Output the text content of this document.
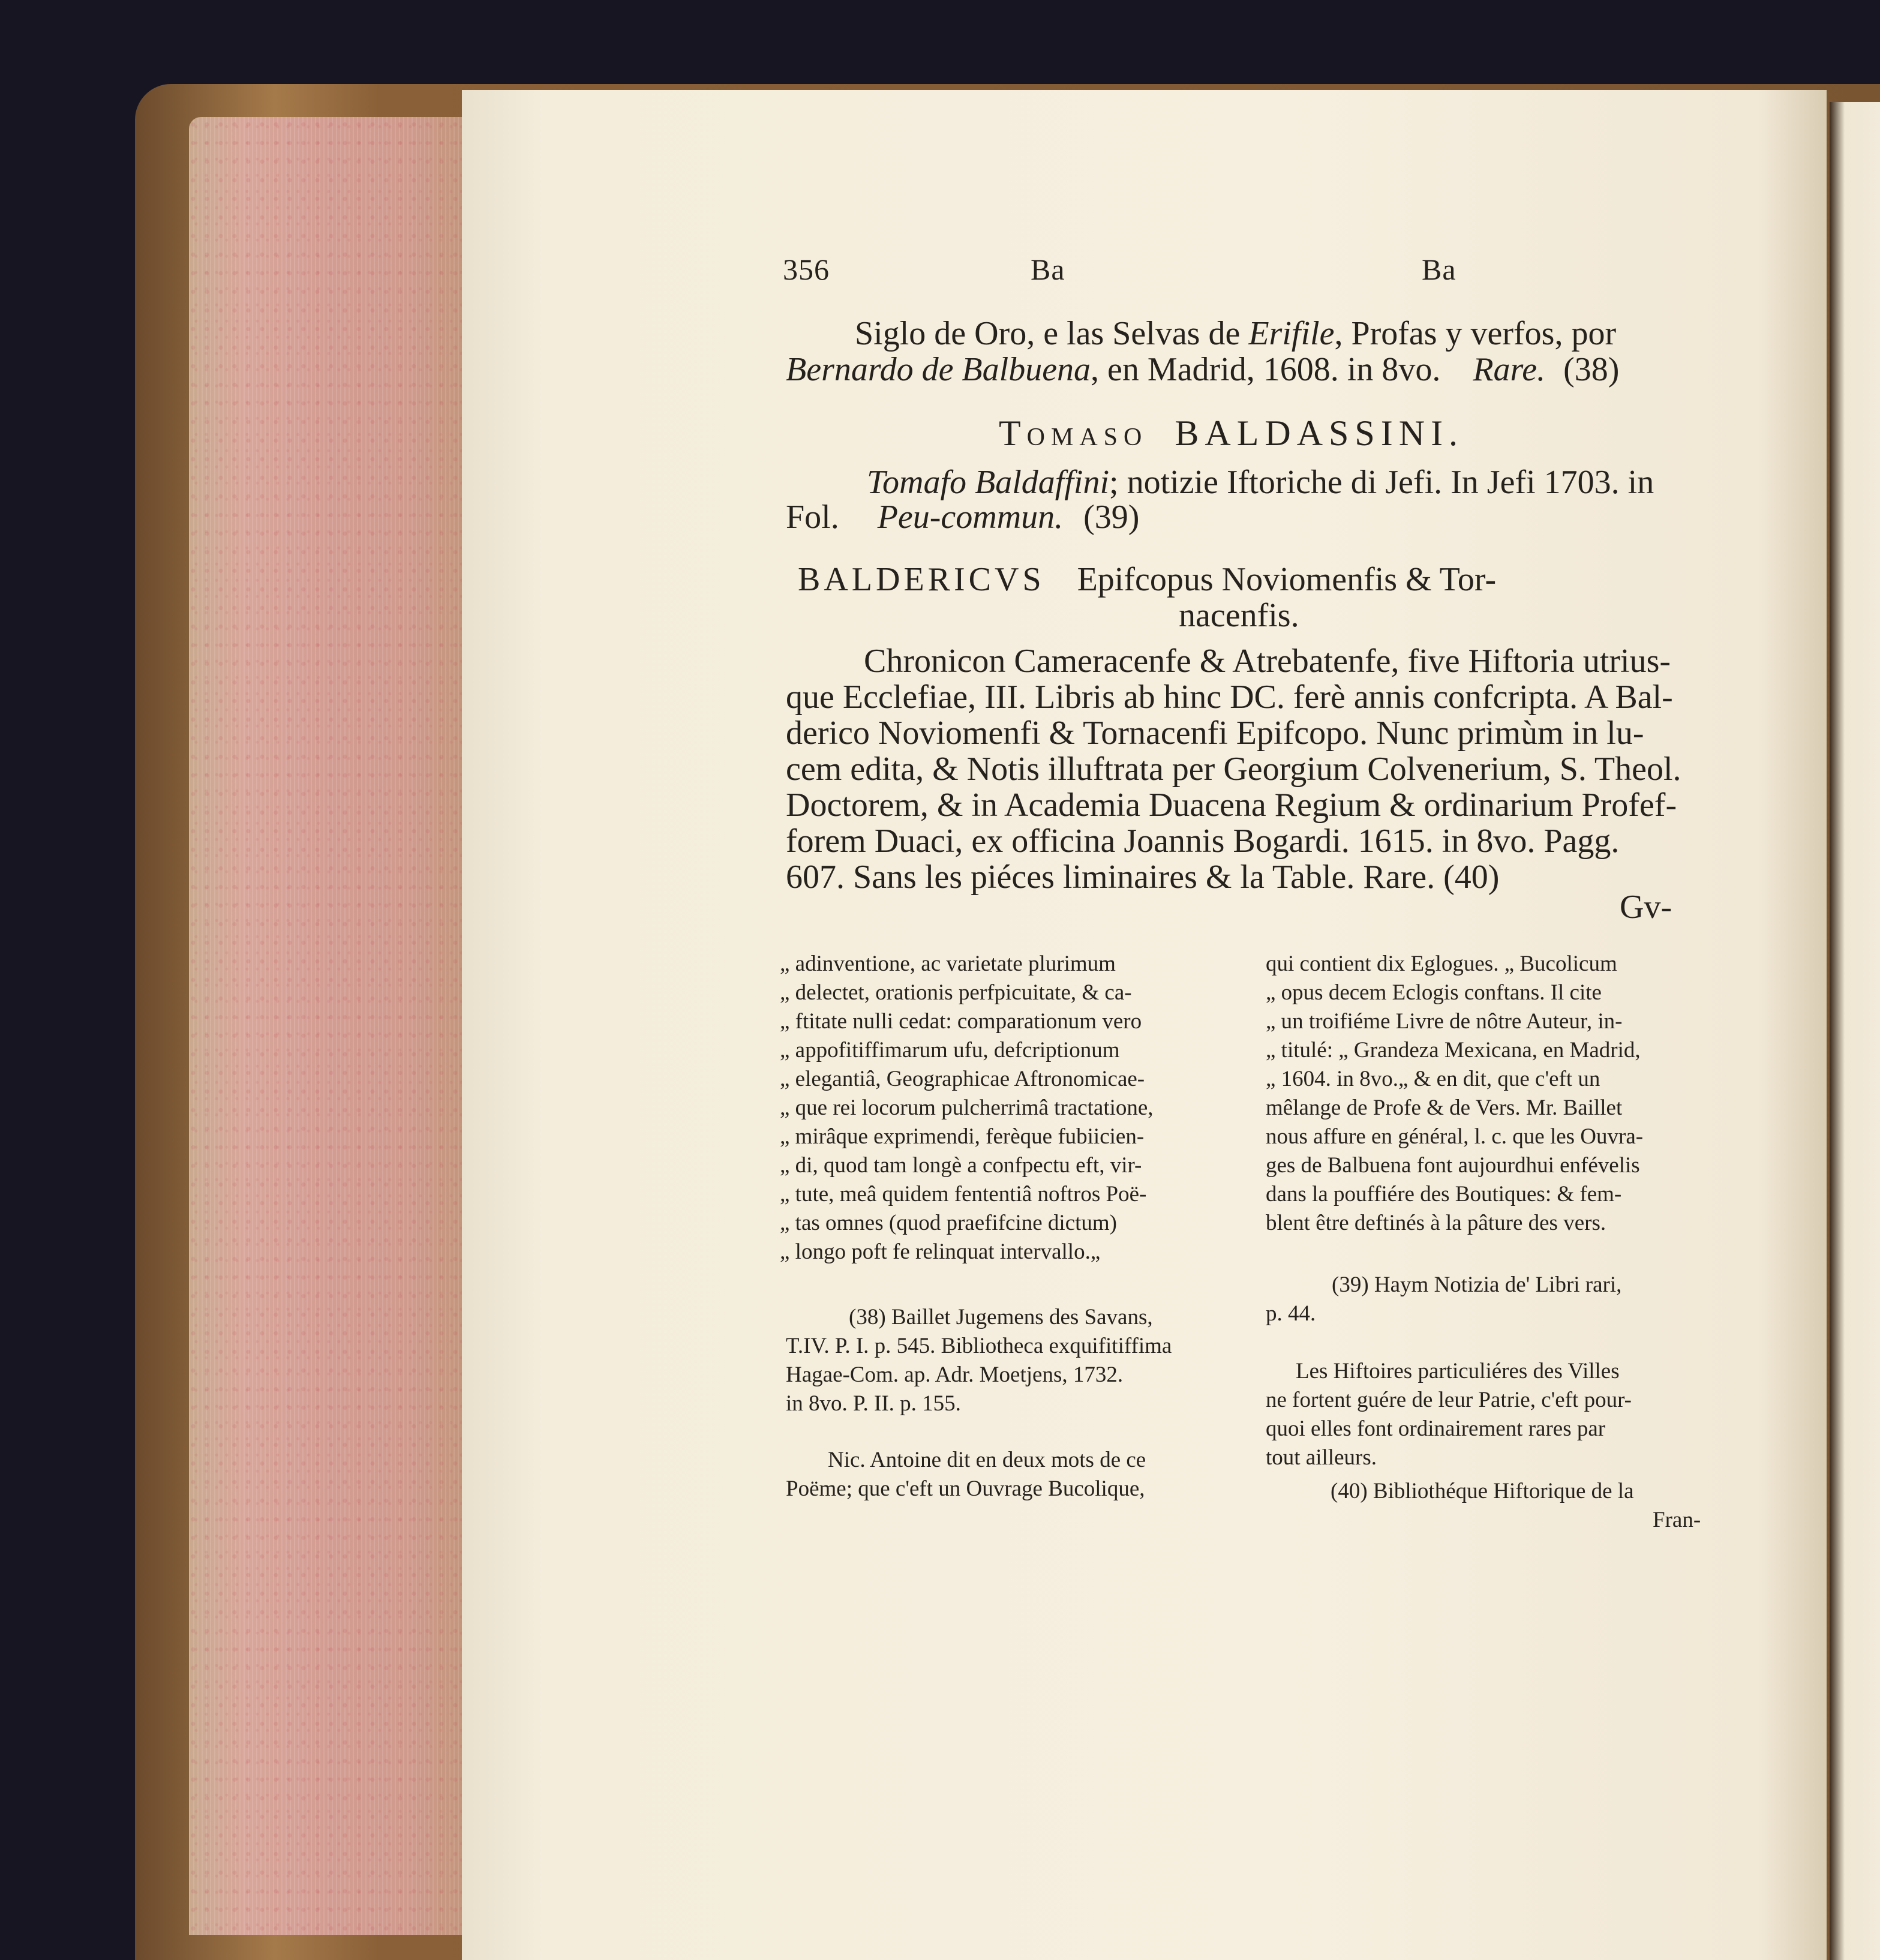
356	Ba	Ba
Siglo de Oro, e las Selvas de Erifile, Profas y verfos, por
Bernardo de Balbuena, en Madrid, 1608. in 8vo. Rare. (38)
Tomaso BALDASSINI.
Tomafo Baldaffini; notizie Iftoriche di Jefi. In Jefi 1703. in
Fol. Peu-commun. (39)
BALDERICVS Epifcopus Noviomenfis & Tor-
nacenfis.
Chronicon Cameracenfe & Atrebatenfe, five Hiftoria utrius-
que Ecclefiae, III. Libris ab hinc DC. ferè annis confcripta. A Bal-
derico Noviomenfi & Tornacenfi Epifcopo. Nunc primùm in lu-
cem edita, & Notis illuftrata per Georgium Colvenerium, S. Theol.
Doctorem, & in Academia Duacena Regium & ordinarium Profef-
forem Duaci, ex officina Joannis Bogardi. 1615. in 8vo. Pagg.
607. Sans les piéces liminaires & la Table. Rare. (40)
Gv-
„ adinventione, ac varietate plurimum
„ delectet, orationis perfpicuitate, & ca-
„ ftitate nulli cedat: comparationum vero
„ appofitiffimarum ufu, defcriptionum
„ elegantiâ, Geographicae Aftronomicae-
„ que rei locorum pulcherrimâ tractatione,
„ mirâque exprimendi, ferèque fubiicien-
„ di, quod tam longè a confpectu eft, vir-
„ tute, meâ quidem fententiâ noftros Poë-
„ tas omnes (quod praefifcine dictum)
„ longo poft fe relinquat intervallo.„
(38) Baillet Jugemens des Savans,
T.IV. P. I. p. 545. Bibliotheca exquifitiffima
Hagae-Com. ap. Adr. Moetjens, 1732.
in 8vo. P. II. p. 155.
Nic. Antoine dit en deux mots de ce
Poëme; que c'eft un Ouvrage Bucolique,
qui contient dix Eglogues. „ Bucolicum
„ opus decem Eclogis conftans. Il cite
„ un troifiéme Livre de nôtre Auteur, in-
„ titulé: „ Grandeza Mexicana, en Madrid,
„ 1604. in 8vo.„ & en dit, que c'eft un
mêlange de Profe & de Vers. Mr. Baillet
nous affure en général, l. c. que les Ouvra-
ges de Balbuena font aujourdhui enfévelis
dans la pouffiére des Boutiques: & fem-
blent être deftinés à la pâture des vers.
(39) Haym Notizia de' Libri rari,
p. 44.
Les Hiftoires particuliéres des Villes
ne fortent guére de leur Patrie, c'eft pour-
quoi elles font ordinairement rares par
tout ailleurs.
(40) Bibliothéque Hiftorique de la
Fran-
